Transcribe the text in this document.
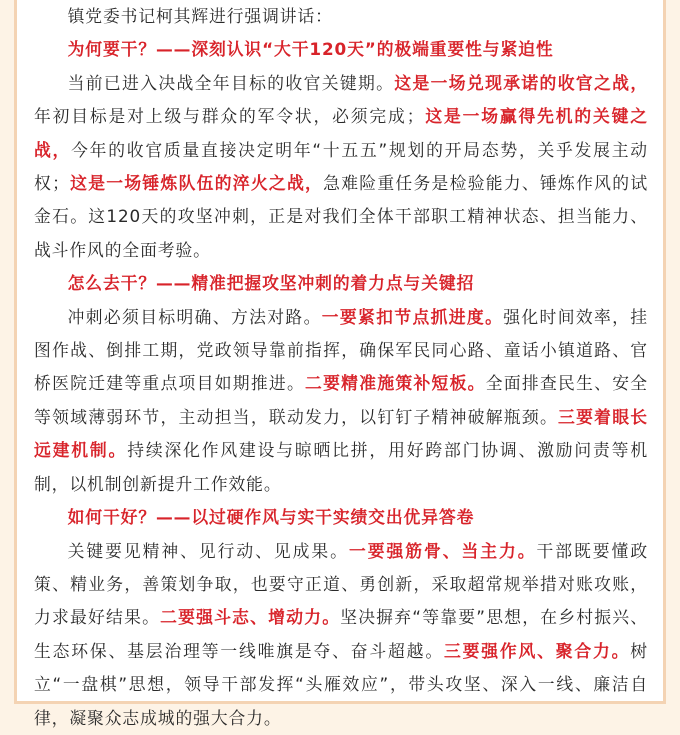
镇党委书记柯其辉进行强调讲话：

为何要干？——深刻认识“大干120天”的极端重要性与紧迫性

当前已进入决战全年目标的收官关键期。这是一场兑现承诺的收官之战，年初目标是对上级与群众的军令状，必须完成；这是一场赢得先机的关键之战，今年的收官质量直接决定明年“十五五”规划的开局态势，关乎发展主动权；这是一场锤炼队伍的淬火之战，急难险重任务是检验能力、锤炼作风的试金石。这120天的攻坚冲刺，正是对我们全体干部职工精神状态、担当能力、战斗作风的全面考验。

怎么去干？——精准把握攻坚冲刺的着力点与关键招

冲刺必须目标明确、方法对路。一要紧扣节点抓进度。强化时间效率，挂图作战、倒排工期，党政领导靠前指挥，确保军民同心路、童话小镇道路、官桥医院迁建等重点项目如期推进。二要精准施策补短板。全面排查民生、安全等领域薄弱环节，主动担当，联动发力，以钉钉子精神破解瓶颈。三要着眼长远建机制。持续深化作风建设与晾晒比拼，用好跨部门协调、激励问责等机制，以机制创新提升工作效能。

如何干好？——以过硬作风与实干实绩交出优异答卷

关键要见精神、见行动、见成果。一要强筋骨、当主力。干部既要懂政策、精业务，善策划争取，也要守正道、勇创新，采取超常规举措对账攻账，力求最好结果。二要强斗志、增动力。坚决摒弃“等靠要”思想，在乡村振兴、生态环保、基层治理等一线唯旗是夺、奋斗超越。三要强作风、聚合力。树立“一盘棋”思想，领导干部发挥“头雁效应”，带头攻坚、深入一线、廉洁自律，凝聚众志成城的强大合力。
